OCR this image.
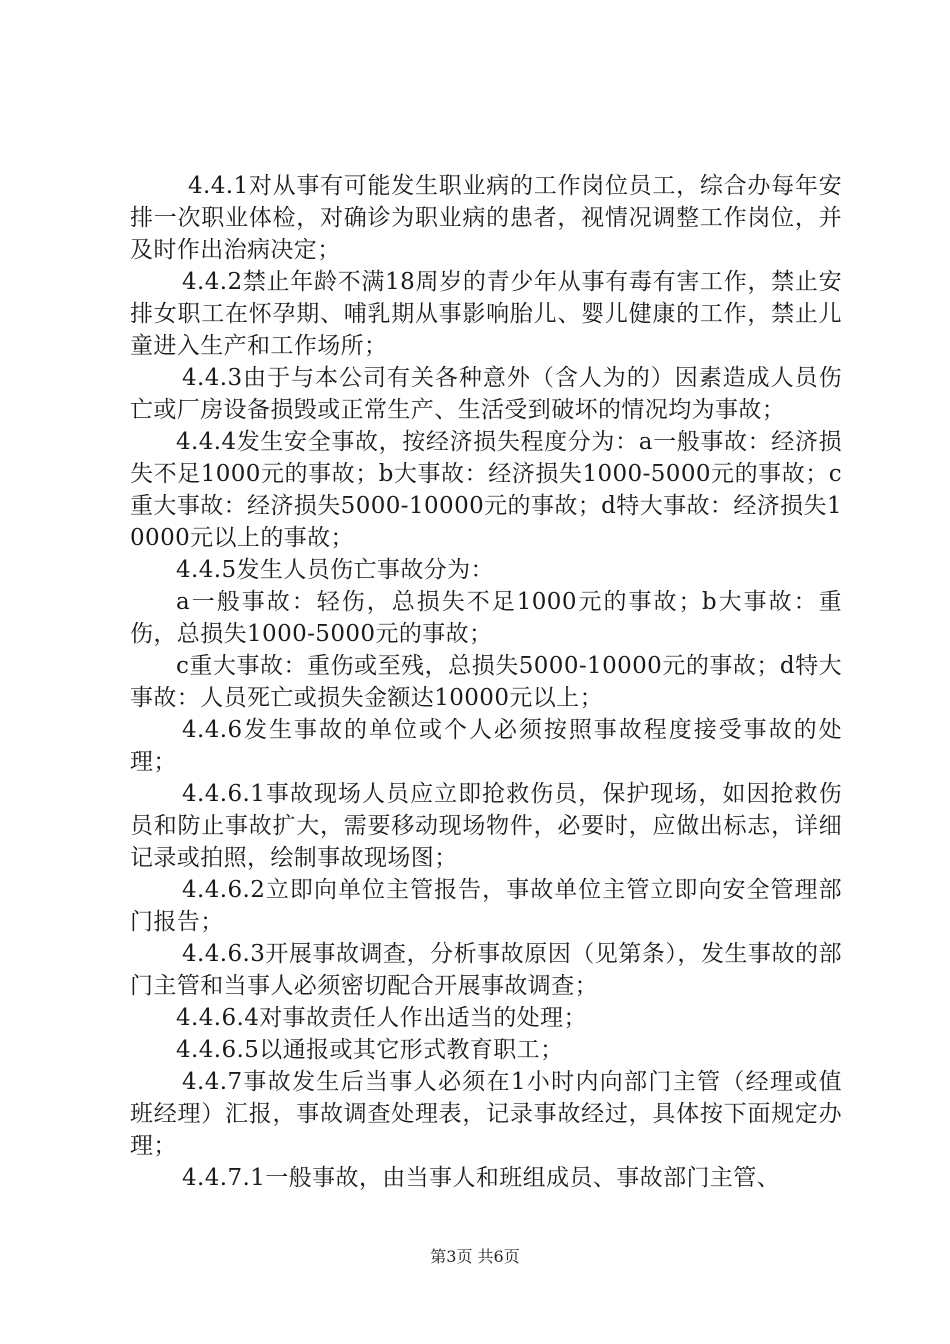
4.4.1对从事有可能发生职业病的工作岗位员工，综合办每年安排一次职业体检，对确诊为职业病的患者，视情况调整工作岗位，并及时作出治病决定；

4.4.2禁止年龄不满18周岁的青少年从事有毒有害工作，禁止安排女职工在怀孕期、哺乳期从事影响胎儿、婴儿健康的工作，禁止儿童进入生产和工作场所；

4.4.3由于与本公司有关各种意外（含人为的）因素造成人员伤亡或厂房设备损毁或正常生产、生活受到破坏的情况均为事故；

4.4.4发生安全事故，按经济损失程度分为：a一般事故：经济损失不足1000元的事故；b大事故：经济损失1000-5000元的事故；c重大事故：经济损失5000-10000元的事故；d特大事故：经济损失10000元以上的事故；

4.4.5发生人员伤亡事故分为：

a一般事故：轻伤，总损失不足1000元的事故；b大事故：重伤，总损失1000-5000元的事故；

c重大事故：重伤或至残，总损失5000-10000元的事故；d特大事故：人员死亡或损失金额达10000元以上；

4.4.6发生事故的单位或个人必须按照事故程度接受事故的处理；

4.4.6.1事故现场人员应立即抢救伤员，保护现场，如因抢救伤员和防止事故扩大，需要移动现场物件，必要时，应做出标志，详细记录或拍照，绘制事故现场图；

4.4.6.2立即向单位主管报告，事故单位主管立即向安全管理部门报告；

4.4.6.3开展事故调查，分析事故原因（见第条），发生事故的部门主管和当事人必须密切配合开展事故调查；

4.4.6.4对事故责任人作出适当的处理；

4.4.6.5以通报或其它形式教育职工；

4.4.7事故发生后当事人必须在1小时内向部门主管（经理或值班经理）汇报，事故调查处理表，记录事故经过，具体按下面规定办理；

4.4.7.1一般事故，由当事人和班组成员、事故部门主管、

第3页 共6页
